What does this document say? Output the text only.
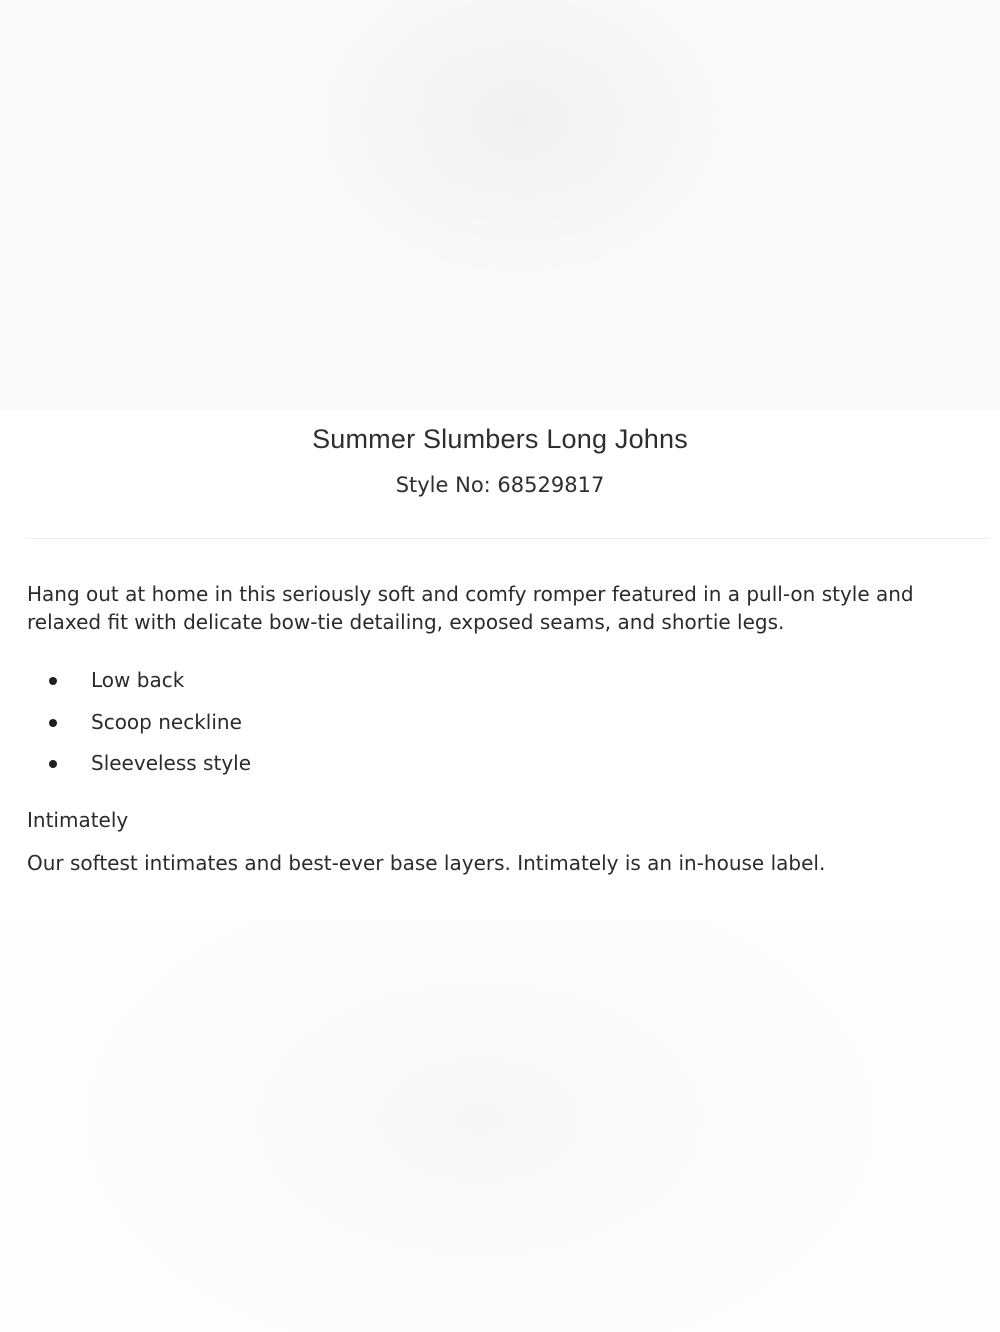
Summer Slumbers Long Johns
Style No: 68529817

Hang out at home in this seriously soft and comfy romper featured in a pull-on style and relaxed fit with delicate bow-tie detailing, exposed seams, and shortie legs.

Low back
Scoop neckline
Sleeveless style
Intimately
Our softest intimates and best-ever base layers. Intimately is an in-house label.
